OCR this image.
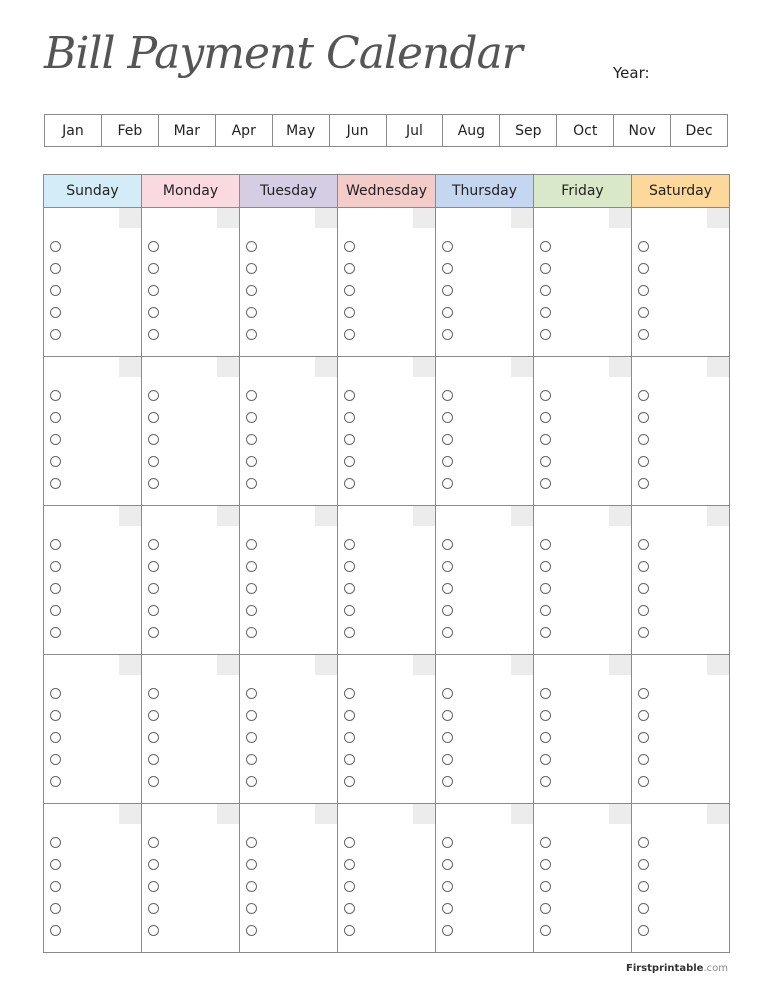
Bill Payment Calendar	Year:
Jan	Feb	Mar	Apr	May	Jun	Jul	Aug	Sep	Oct	Nov	Dec
Sunday	Monday	Tuesday	Wednesday	Thursday	Friday	Saturday
Firstprintable.com
